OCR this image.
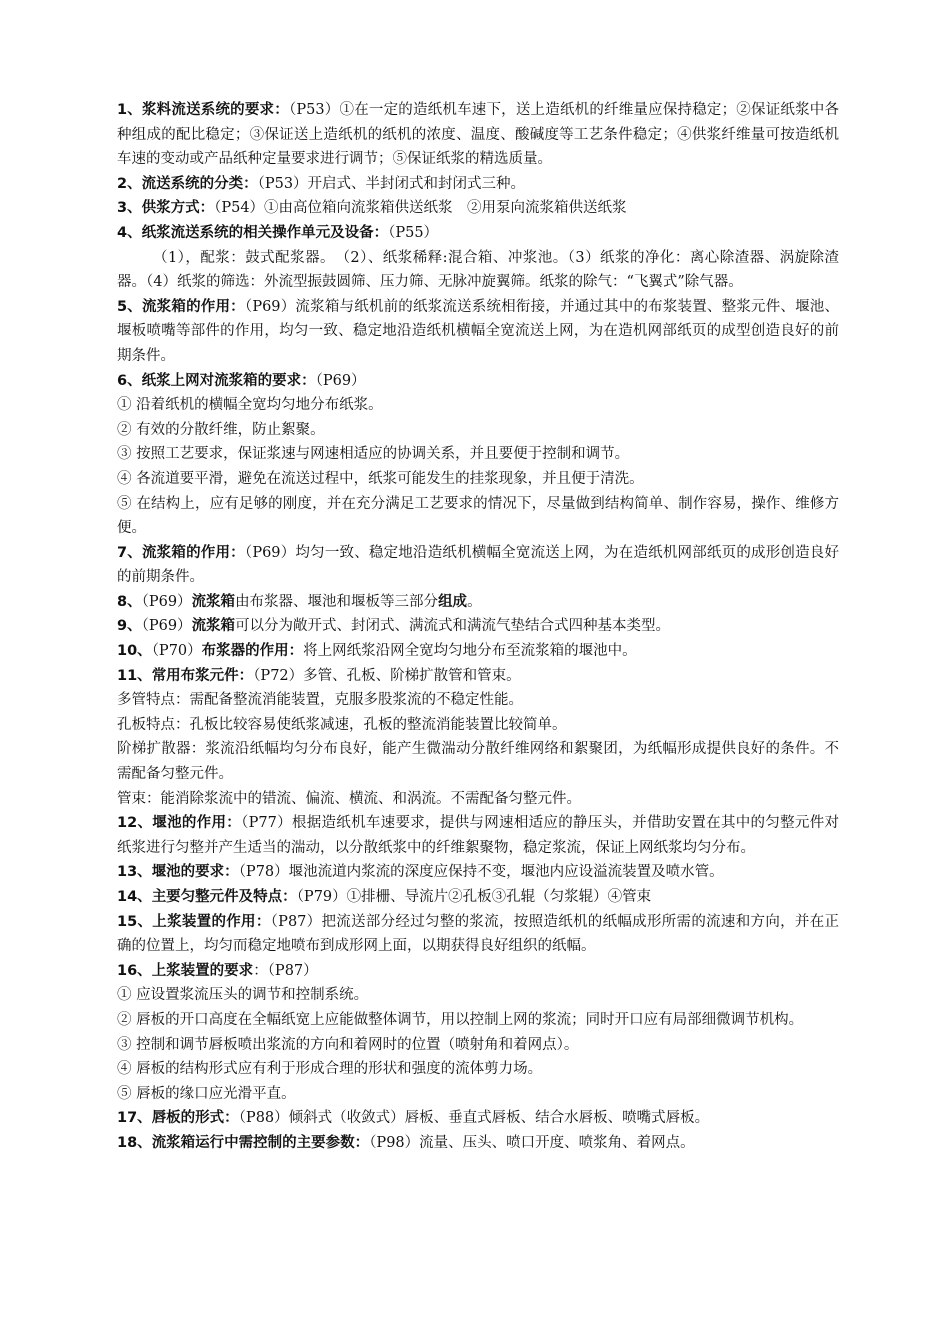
1、浆料流送系统的要求：（P53）①在一定的造纸机车速下，送上造纸机的纤维量应保持稳定；②保证纸浆中各种组成的配比稳定；③保证送上造纸机的纸机的浓度、温度、酸碱度等工艺条件稳定；④供浆纤维量可按造纸机车速的变动或产品纸种定量要求进行调节；⑤保证纸浆的精选质量。

2、流送系统的分类：（P53）开启式、半封闭式和封闭式三种。

3、供浆方式：（P54）①由高位箱向流浆箱供送纸浆　②用泵向流浆箱供送纸浆

4、纸浆流送系统的相关操作单元及设备：（P55）

（1），配浆：鼓式配浆器。　（2）、纸浆稀释:混合箱、冲浆池。（3）纸浆的净化：离心除渣器、涡旋除渣器。（4）纸浆的筛选：外流型振鼓圆筛、压力筛、无脉冲旋翼筛。纸浆的除气：“飞翼式”除气器。

5、流浆箱的作用：（P69）流浆箱与纸机前的纸浆流送系统相衔接，并通过其中的布浆装置、整浆元件、堰池、堰板喷嘴等部件的作用，均匀一致、稳定地沿造纸机横幅全宽流送上网，为在造机网部纸页的成型创造良好的前期条件。

6、纸浆上网对流浆箱的要求：（P69）

① 沿着纸机的横幅全宽均匀地分布纸浆。

② 有效的分散纤维，防止絮聚。

③ 按照工艺要求，保证浆速与网速相适应的协调关系，并且要便于控制和调节。

④ 各流道要平滑，避免在流送过程中，纸浆可能发生的挂浆现象，并且便于清洗。

⑤ 在结构上，应有足够的刚度，并在充分满足工艺要求的情况下，尽量做到结构简单、制作容易，操作、维修方便。

7、流浆箱的作用：（P69）均匀一致、稳定地沿造纸机横幅全宽流送上网，为在造纸机网部纸页的成形创造良好的前期条件。

8、（P69）流浆箱由布浆器、堰池和堰板等三部分组成。

9、（P69）流浆箱可以分为敞开式、封闭式、满流式和满流气垫结合式四种基本类型。

10、（P70）布浆器的作用：将上网纸浆沿网全宽均匀地分布至流浆箱的堰池中。

11、常用布浆元件：（P72）多管、孔板、阶梯扩散管和管束。

多管特点：需配备整流消能装置，克服多股浆流的不稳定性能。

孔板特点：孔板比较容易使纸浆减速，孔板的整流消能装置比较简单。

阶梯扩散器：浆流沿纸幅均匀分布良好，能产生微湍动分散纤维网络和絮聚团，为纸幅形成提供良好的条件。不需配备匀整元件。

管束：能消除浆流中的错流、偏流、横流、和涡流。不需配备匀整元件。

12、堰池的作用：（P77）根据造纸机车速要求，提供与网速相适应的静压头，并借助安置在其中的匀整元件对纸浆进行匀整并产生适当的湍动，以分散纸浆中的纤维絮聚物，稳定浆流，保证上网纸浆均匀分布。

13、堰池的要求：（P78）堰池流道内浆流的深度应保持不变，堰池内应设溢流装置及喷水管。

14、主要匀整元件及特点：（P79）①排栅、导流片②孔板③孔辊（匀浆辊）④管束

15、上浆装置的作用：（P87）把流送部分经过匀整的浆流，按照造纸机的纸幅成形所需的流速和方向，并在正确的位置上，均匀而稳定地喷布到成形网上面，以期获得良好组织的纸幅。

16、上浆装置的要求：（P87）

① 应设置浆流压头的调节和控制系统。

② 唇板的开口高度在全幅纸宽上应能做整体调节，用以控制上网的浆流；同时开口应有局部细微调节机构。

③ 控制和调节唇板喷出浆流的方向和着网时的位置（喷射角和着网点）。

④ 唇板的结构形式应有利于形成合理的形状和强度的流体剪力场。

⑤ 唇板的缘口应光滑平直。

17、唇板的形式：（P88）倾斜式（收敛式）唇板、垂直式唇板、结合水唇板、喷嘴式唇板。

18、流浆箱运行中需控制的主要参数：（P98）流量、压头、喷口开度、喷浆角、着网点。
